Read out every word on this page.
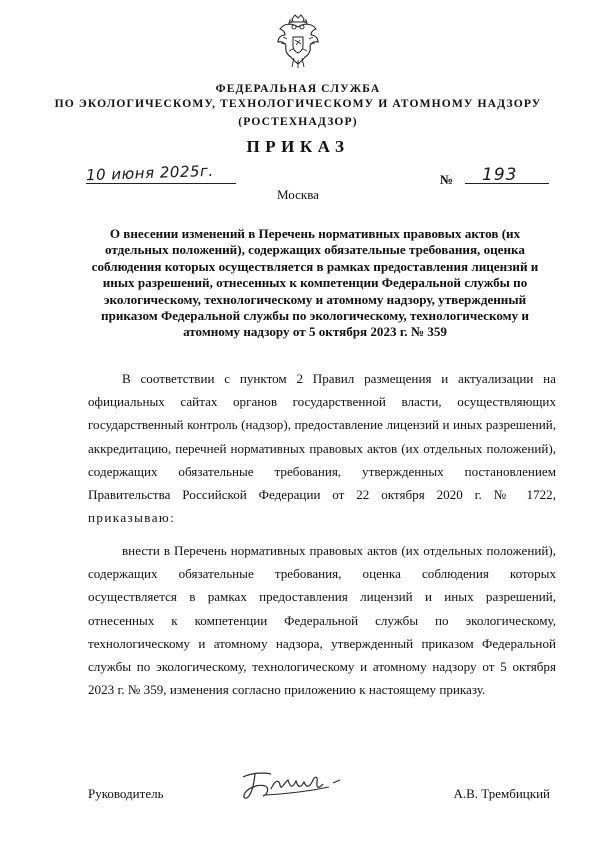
ФЕДЕРАЛЬНАЯ СЛУЖБА
ПО ЭКОЛОГИЧЕСКОМУ, ТЕХНОЛОГИЧЕСКОМУ И АТОМНОМУ НАДЗОРУ
(РОСТЕХНАДЗОР)
ПРИКАЗ
10 июня 2025г.	№ 193
Москва
О внесении изменений в Перечень нормативных правовых актов (их отдельных положений), содержащих обязательные требования, оценка соблюдения которых осуществляется в рамках предоставления лицензий и иных разрешений, отнесенных к компетенции Федеральной службы по экологическому, технологическому и атомному надзору, утвержденный приказом Федеральной службы по экологическому, технологическому и атомному надзору от 5 октября 2023 г. № 359
В соответствии с пунктом 2 Правил размещения и актуализации на официальных сайтах органов государственной власти, осуществляющих государственный контроль (надзор), предоставление лицензий и иных разрешений, аккредитацию, перечней нормативных правовых актов (их отдельных положений), содержащих обязательные требования, утвержденных постановлением Правительства Российской Федерации от 22 октября 2020 г. № 1722, приказываю:
внести в Перечень нормативных правовых актов (их отдельных положений), содержащих обязательные требования, оценка соблюдения которых осуществляется в рамках предоставления лицензий и иных разрешений, отнесенных к компетенции Федеральной службы по экологическому, технологическому и атомному надзора, утвержденный приказом Федеральной службы по экологическому, технологическому и атомному надзору от 5 октября 2023 г. № 359, изменения согласно приложению к настоящему приказу.
Руководитель	А.В. Трембицкий
